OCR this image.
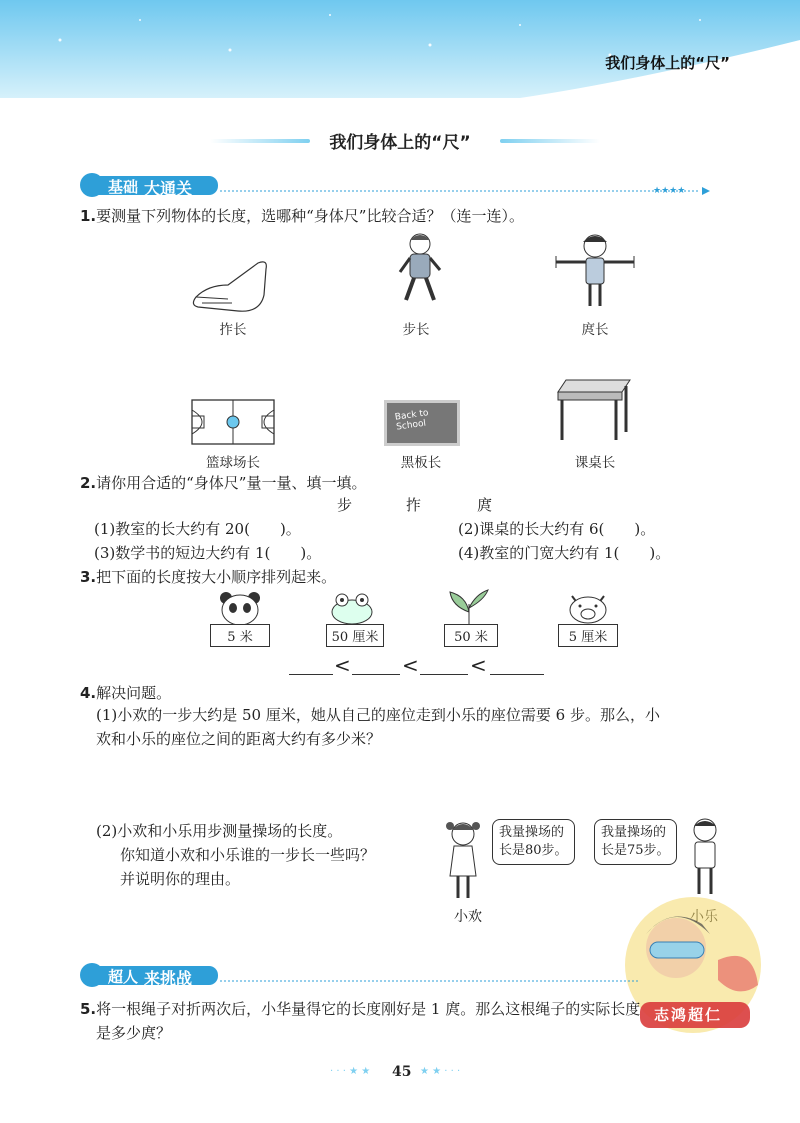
我们身体上的“尺”
我们身体上的“尺”
★★★★
基础 大通关
1.要测量下列物体的长度，选哪种“身体尺”比较合适？（连一连）。
拃长	步长	庹长
篮球场长
Back to
School
黑板长	课桌长
2.请你用合适的“身体尺”量一量、填一填。
步	拃	庹
(1)教室的长大约有 20(　　)。	(2)课桌的长大约有 6(　　)。
(3)数学书的短边大约有 1(　　)。	(4)教室的门宽大约有 1(　　)。
3.把下面的长度按大小顺序排列起来。
5 米	50 厘米	50 米	5 厘米
<	<	<
4.解决问题。
(1)小欢的一步大约是 50 厘米，她从自己的座位走到小乐的座位需要 6 步。那么，小
欢和小乐的座位之间的距离大约有多少米？
(2)小欢和小乐用步测量操场的长度。
你知道小欢和小乐谁的一步长一些吗？
并说明你的理由。
我量操场的
长是80步。
小欢
我量操场的
长是75步。
志鸿超仁
超人 来挑战
5.将一根绳子对折两次后，小华量得它的长度刚好是 1 庹。那么这根绳子的实际长度
是多少庹？
· · · ★ ★ 45 ★ ★ · · ·
